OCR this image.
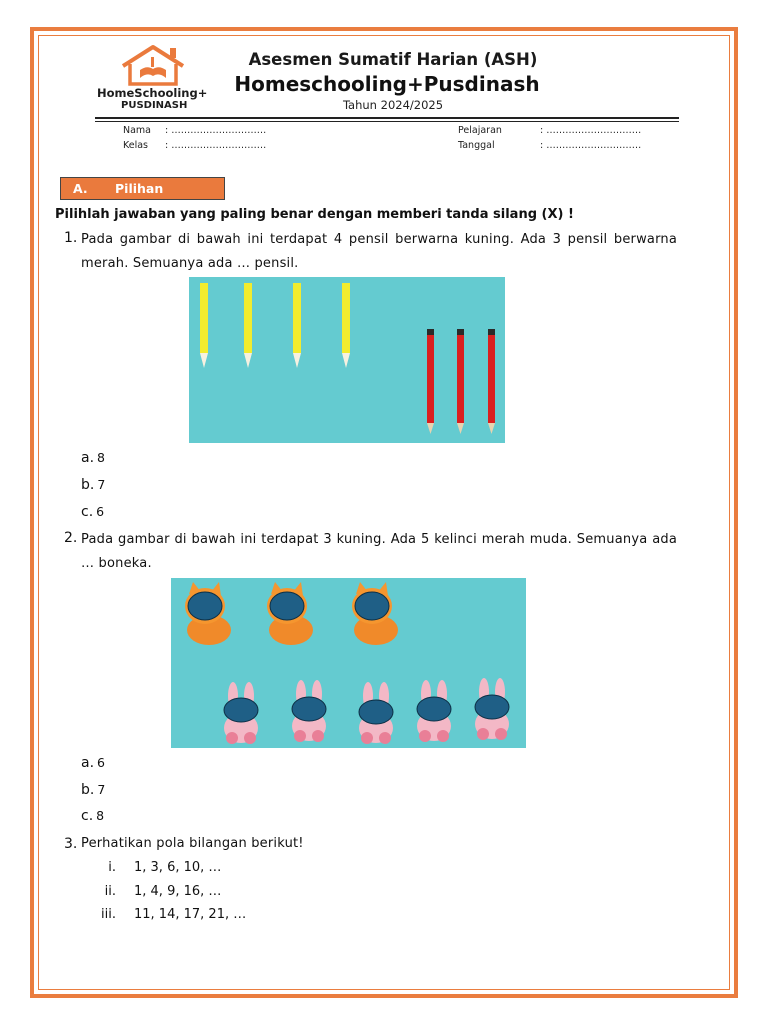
HomeSchooling+
PUSDINASH
Asesmen Sumatif Harian (ASH)
Homeschooling+Pusdinash
Tahun 2024/2025
Nama : …………………………
Kelas : …………………………
Pelajaran	: …………………………
Tanggal	: …………………………
A. Pilihan
Pilihlah jawaban yang paling benar dengan memberi tanda silang (X) !
1. Pada gambar di bawah ini terdapat 4 pensil berwarna kuning. Ada 3 pensil berwarna merah. Semuanya ada … pensil.
a. 8
b. 7
c. 6
2. Pada gambar di bawah ini terdapat 3 kuning. Ada 5 kelinci merah muda. Semuanya ada … boneka.
a. 6
b. 7
c. 8
3. Perhatikan pola bilangan berikut!
i. 1, 3, 6, 10, …
ii. 1, 4, 9, 16, …
iii. 11, 14, 17, 21, …
